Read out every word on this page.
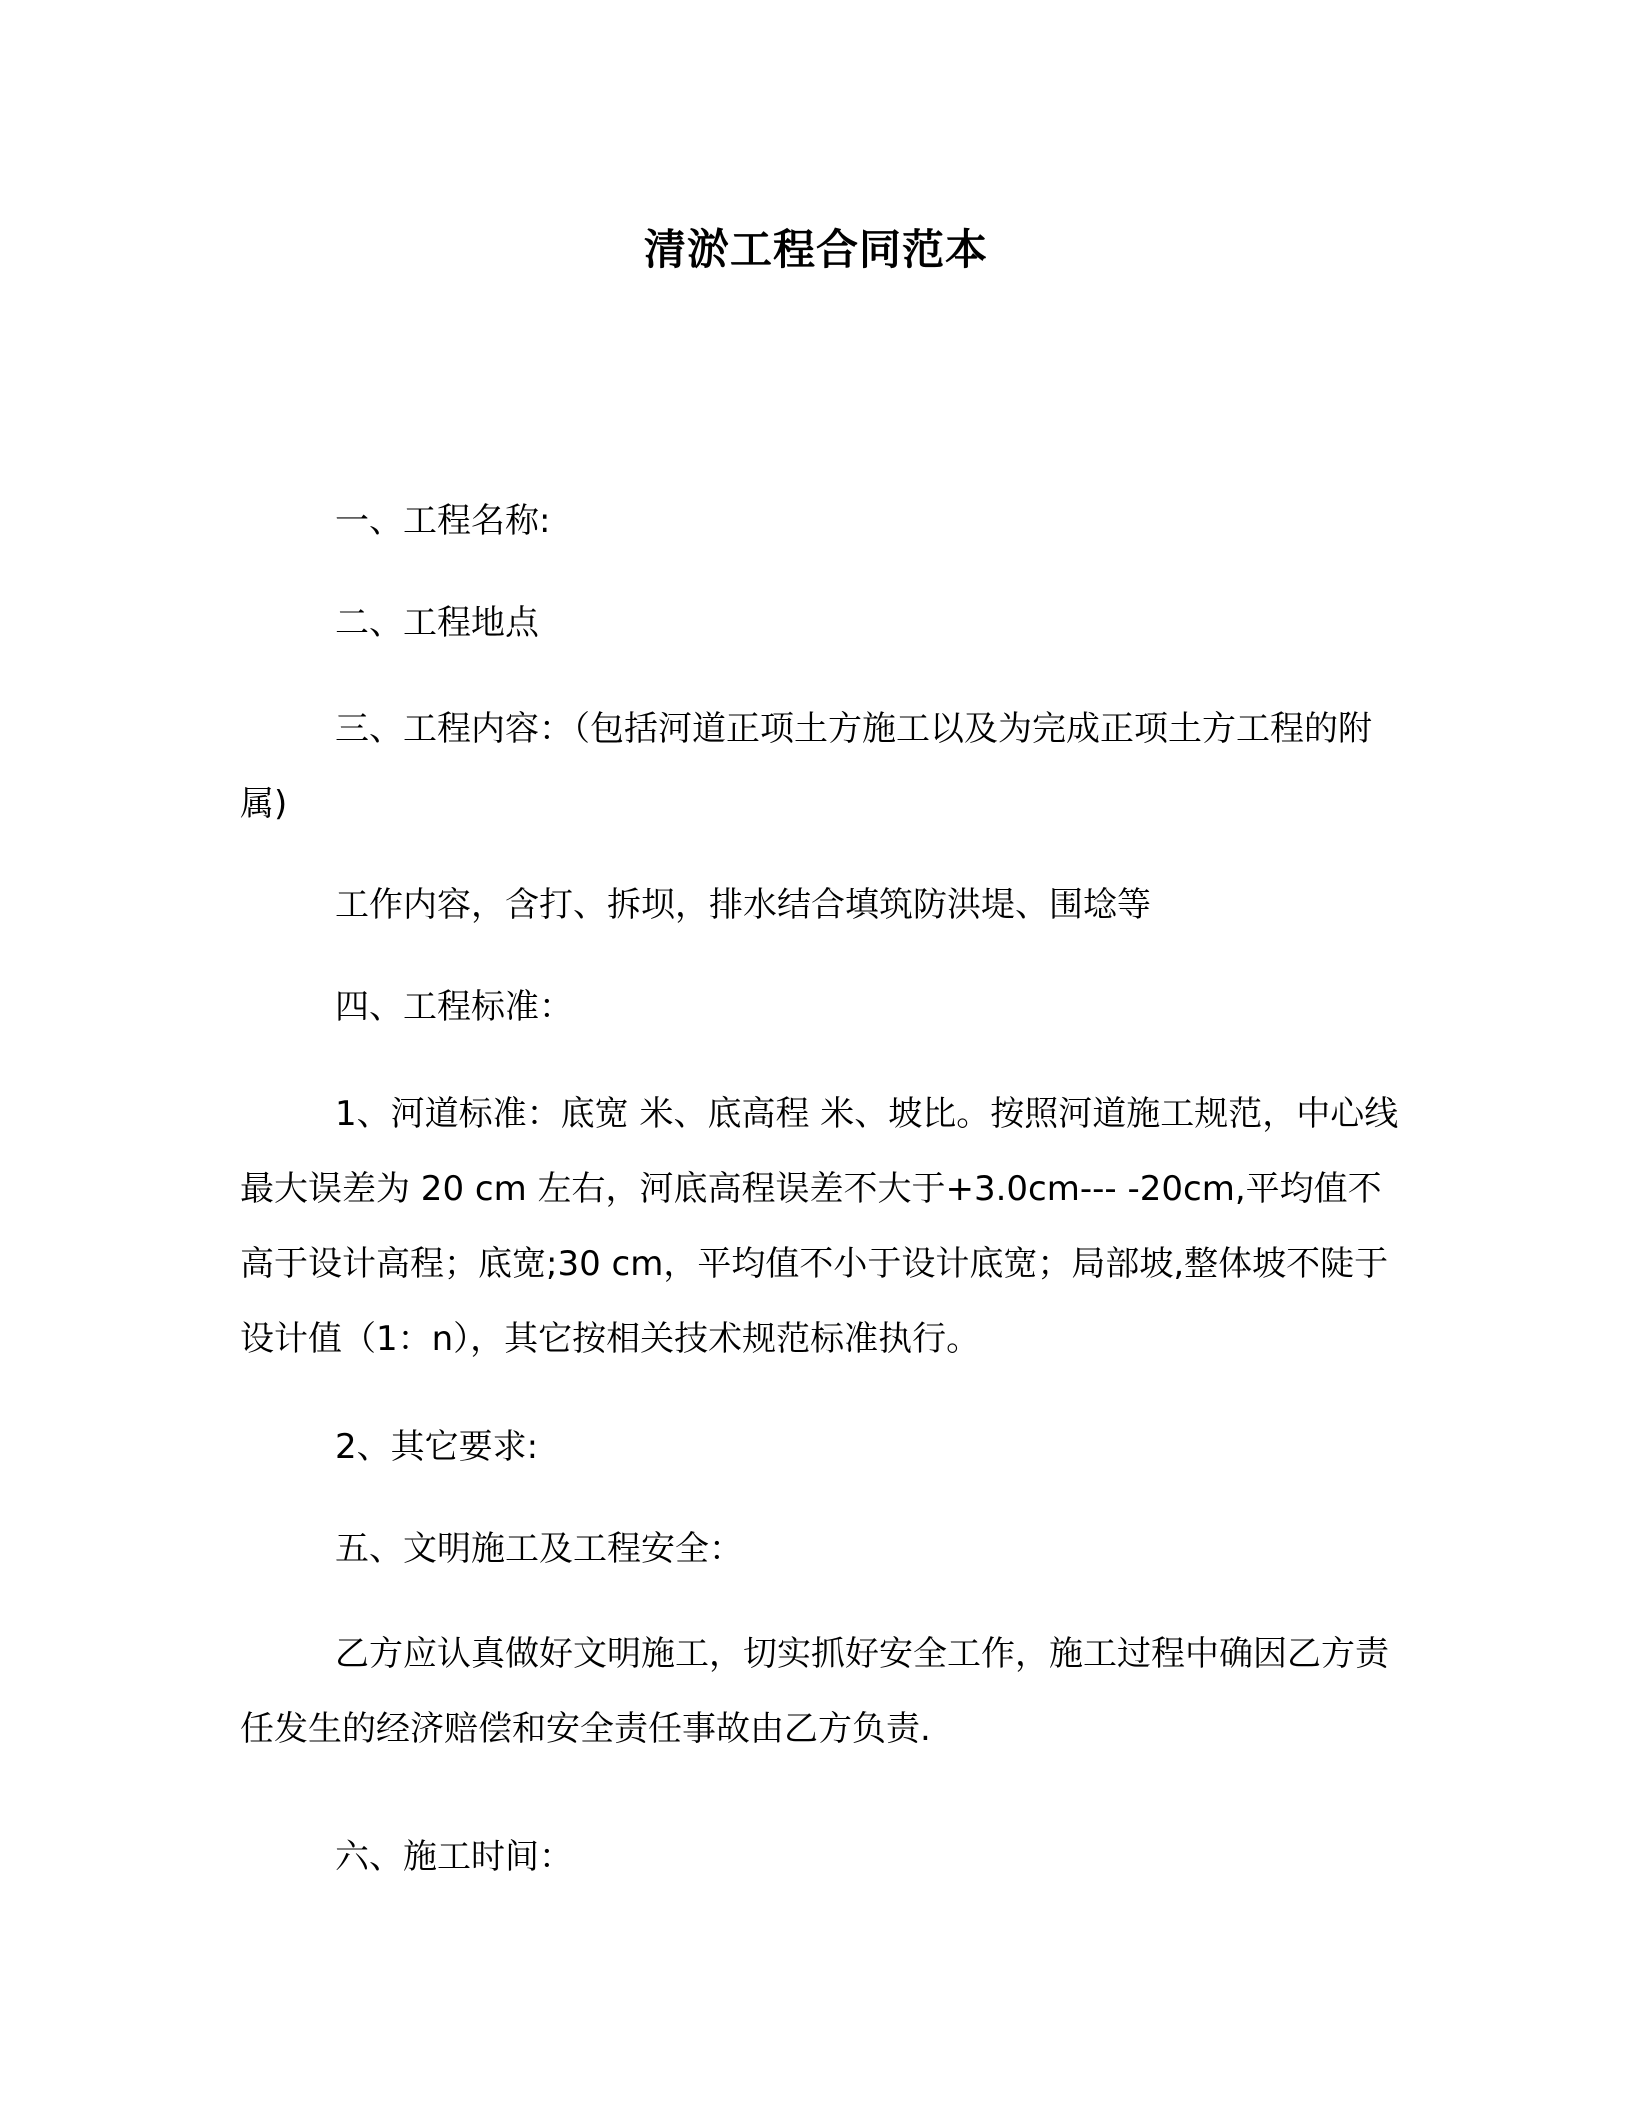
清淤工程合同范本

一、工程名称:

二、工程地点

三、工程内容：（包括河道正项土方施工以及为完成正项土方工程的附属)

工作内容，含打、拆坝，排水结合填筑防洪堤、围埝等

四、工程标准：

1、河道标准：底宽 米、底高程 米、坡比。按照河道施工规范，中心线最大误差为 20 cm 左右，河底高程误差不大于+3.0cm--- -20cm,平均值不高于设计高程；底宽;30 cm，平均值不小于设计底宽；局部坡,整体坡不陡于设计值（1：n），其它按相关技术规范标准执行。

2、其它要求:

五、文明施工及工程安全：

乙方应认真做好文明施工，切实抓好安全工作，施工过程中确因乙方责任发生的经济赔偿和安全责任事故由乙方负责.

六、施工时间：
